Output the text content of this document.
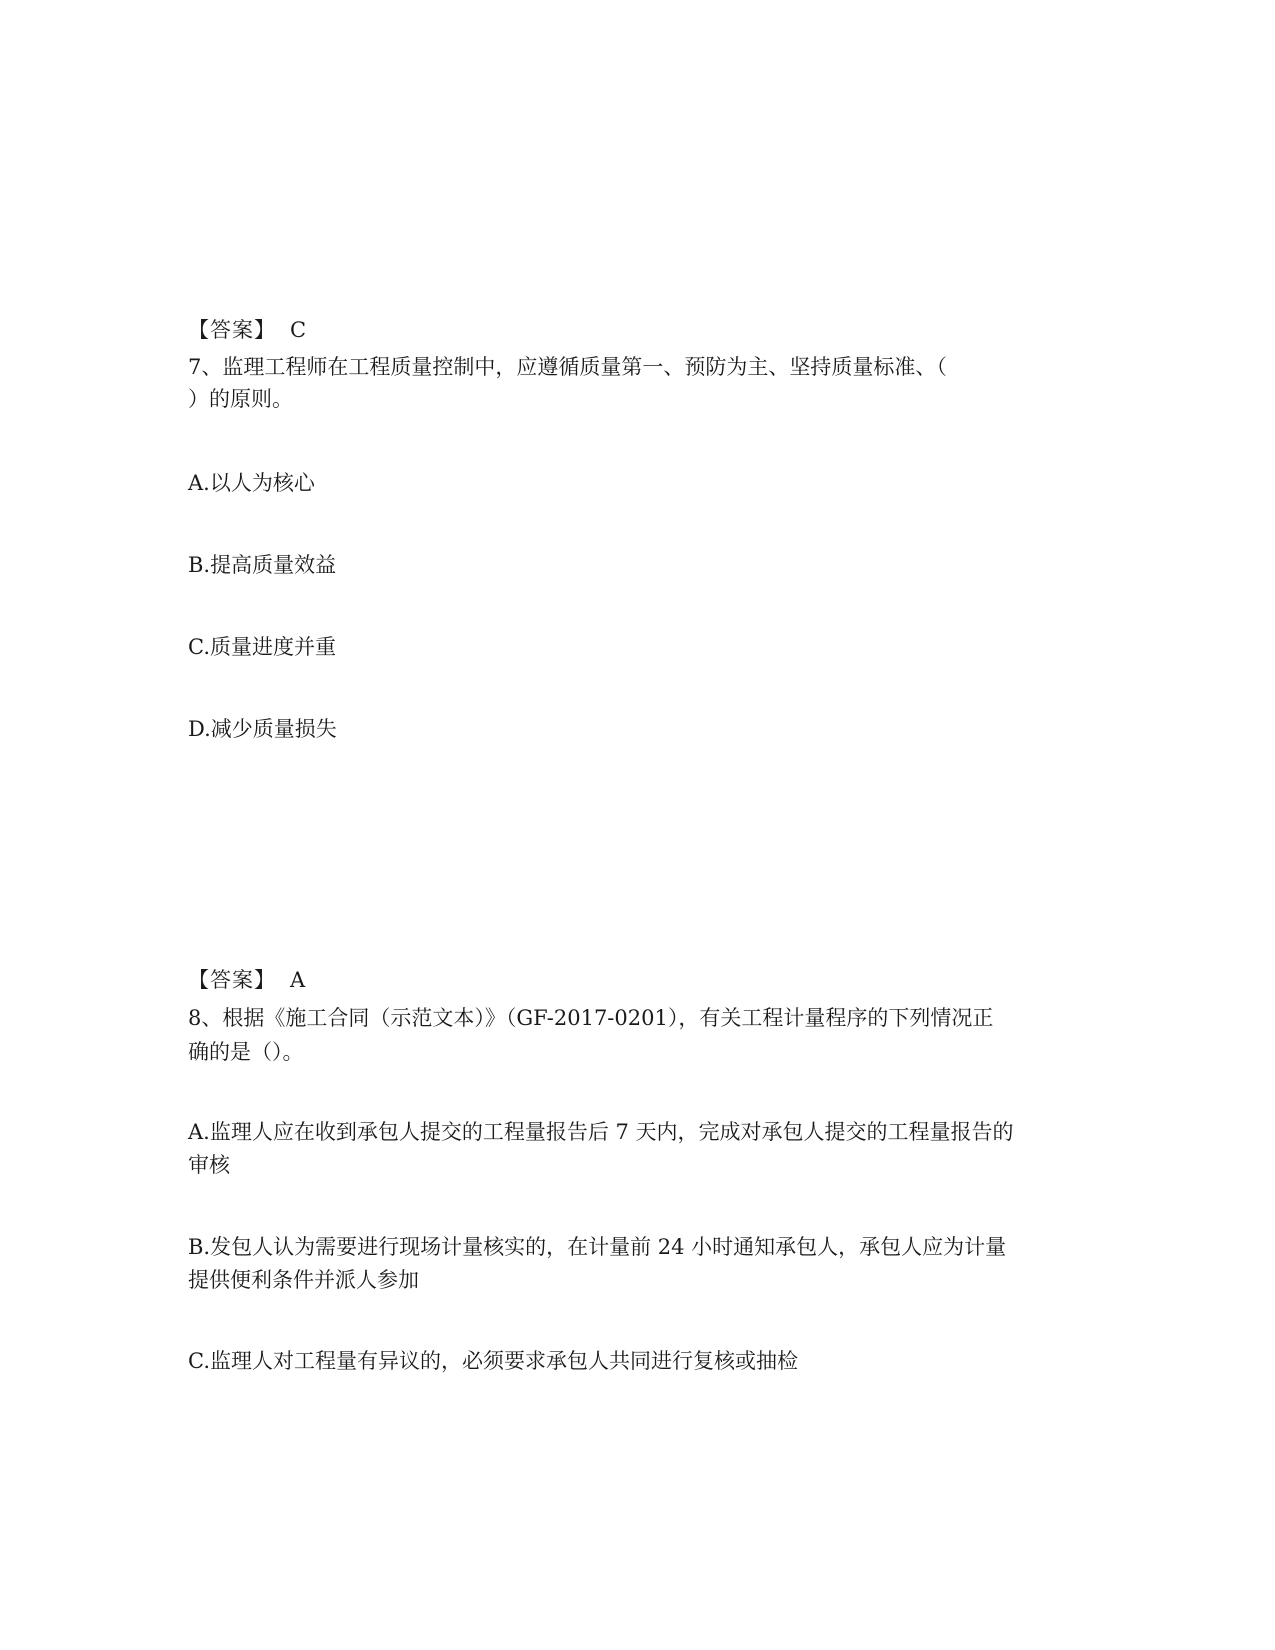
【答案】 C
7、监理工程师在工程质量控制中，应遵循质量第一、预防为主、坚持质量标准、（
）的原则。
A.以人为核心
B.提高质量效益
C.质量进度并重
D.减少质量损失
【答案】 A
8、根据《施工合同（示范文本）》（GF-2017-0201），有关工程计量程序的下列情况正
确的是（）。
A.监理人应在收到承包人提交的工程量报告后 7 天内，完成对承包人提交的工程量报告的
审核
B.发包人认为需要进行现场计量核实的，在计量前 24 小时通知承包人，承包人应为计量
提供便利条件并派人参加
C.监理人对工程量有异议的，必须要求承包人共同进行复核或抽检
